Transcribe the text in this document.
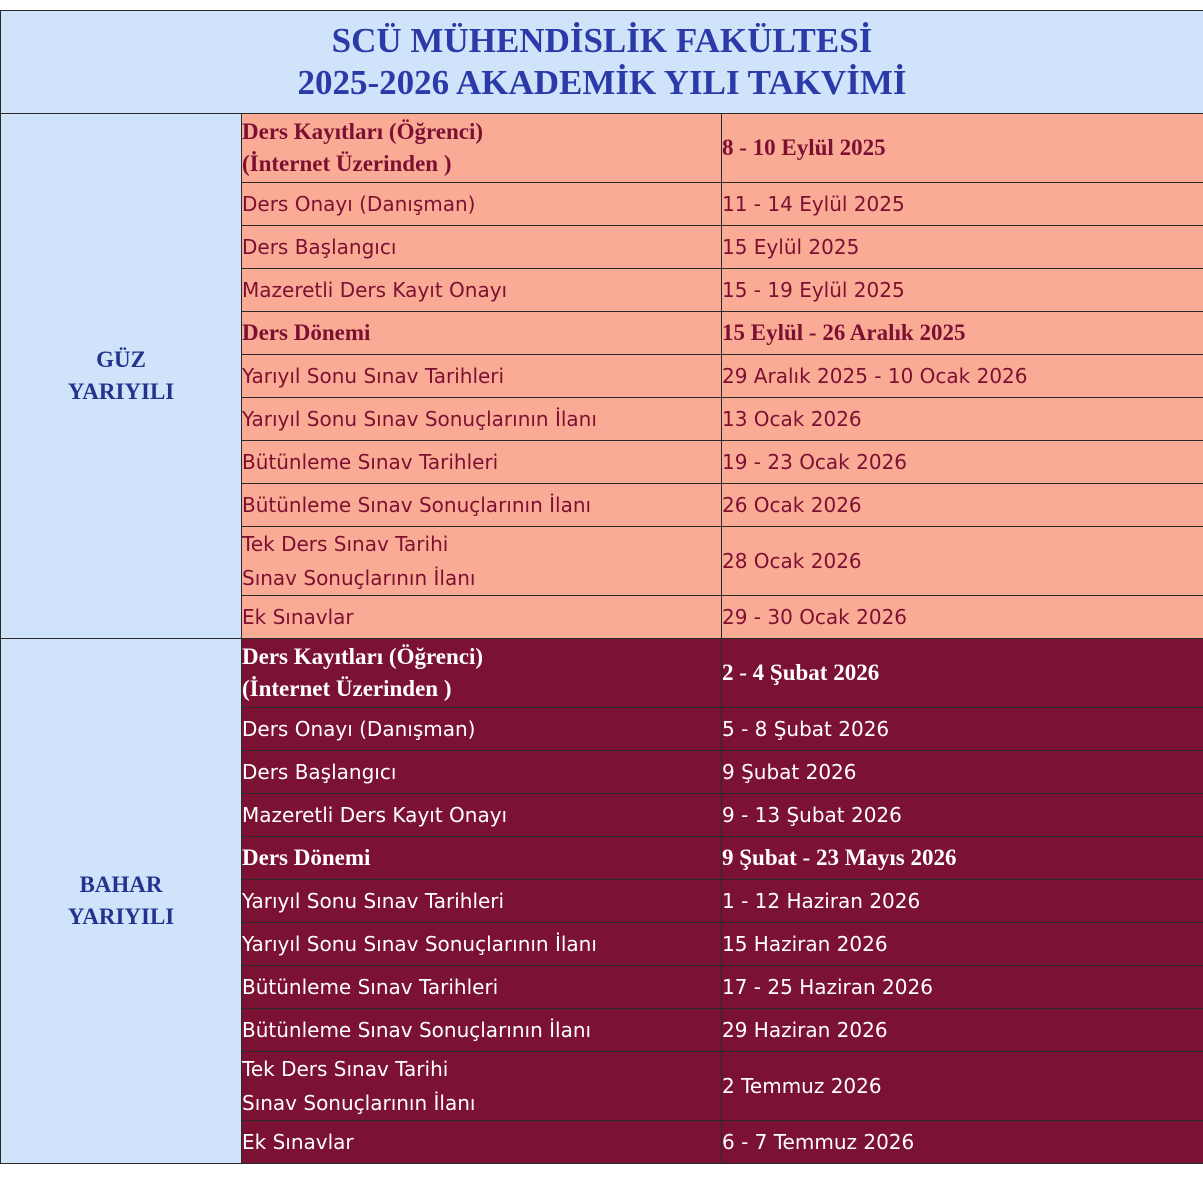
SCÜ MÜHENDİSLİK FAKÜLTESİ
2025-2026 AKADEMİK YILI TAKVİMİ		

GÜZ
YARIYILI	Ders Kayıtları (Öğrenci)
(İnternet Üzerinden )	8 - 10 Eylül 2025

	Ders Onayı (Danışman)	11 - 14 Eylül 2025

	Ders Başlangıcı	15 Eylül 2025

	Mazeretli Ders Kayıt Onayı	15 - 19 Eylül 2025

	Ders Dönemi	15 Eylül - 26 Aralık 2025

	Yarıyıl Sonu Sınav Tarihleri	29 Aralık 2025 - 10 Ocak 2026

	Yarıyıl Sonu Sınav Sonuçlarının İlanı	13 Ocak 2026

	Bütünleme Sınav Tarihleri	19 - 23 Ocak 2026

	Bütünleme Sınav Sonuçlarının İlanı	26 Ocak 2026

	Tek Ders Sınav Tarihi
Sınav Sonuçlarının İlanı	28 Ocak 2026

	Ek Sınavlar	29 - 30 Ocak 2026

BAHAR
YARIYILI	Ders Kayıtları (Öğrenci)
(İnternet Üzerinden )	2 - 4 Şubat 2026

	Ders Onayı (Danışman)	5 - 8 Şubat 2026

	Ders Başlangıcı	9 Şubat 2026

	Mazeretli Ders Kayıt Onayı	9 - 13 Şubat 2026

	Ders Dönemi	9 Şubat - 23 Mayıs 2026

	Yarıyıl Sonu Sınav Tarihleri	1 - 12 Haziran 2026

	Yarıyıl Sonu Sınav Sonuçlarının İlanı	15 Haziran 2026

	Bütünleme Sınav Tarihleri	17 - 25 Haziran 2026

	Bütünleme Sınav Sonuçlarının İlanı	29 Haziran 2026

	Tek Ders Sınav Tarihi
Sınav Sonuçlarının İlanı	2 Temmuz 2026

	Ek Sınavlar	6 - 7 Temmuz 2026
